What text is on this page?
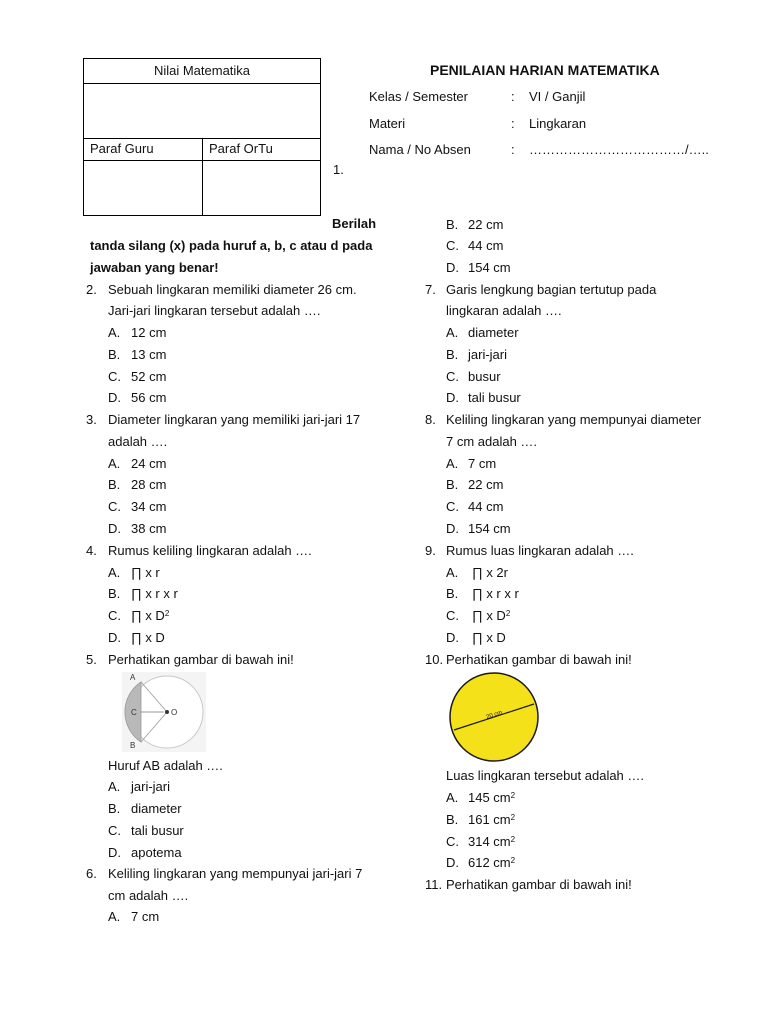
Nilai Matematika
Paraf Guru	Paraf OrTu
PENILAIAN HARIAN MATEMATIKA
Kelas / Semester	: VI / Ganjil
Materi	: Lingkaran
Nama / No Absen	: ………………………………/…..
1.
Berilah
tanda silang (x) pada huruf a, b, c atau d pada
jawaban yang benar!
2. Sebuah lingkaran memiliki diameter 26 cm.
Jari-jari lingkaran tersebut adalah ….
A. 12 cm
B. 13 cm
C. 52 cm
D. 56 cm
3. Diameter lingkaran yang memiliki jari-jari 17
adalah ….
A. 24 cm
B. 28 cm
C. 34 cm
D. 38 cm
4. Rumus keliling lingkaran adalah ….
A. ∏ x r
B. ∏ x r x r
C. ∏ x $D^2$
D. ∏ x D
5. Perhatikan gambar di bawah ini!
A
B
C	O
Huruf AB adalah ….
A. jari-jari
B. diameter
C. tali busur
D. apotema
6. Keliling lingkaran yang mempunyai jari-jari 7
cm adalah ….
A. 7 cm
B. 22 cm
C. 44 cm
D. 154 cm
7. Garis lengkung bagian tertutup pada
lingkaran adalah ….
A. diameter
B. jari-jari
C. busur
D. tali busur
8. Keliling lingkaran yang mempunyai diameter
7 cm adalah ….
A. 7 cm
B. 22 cm
C. 44 cm
D. 154 cm
9. Rumus luas lingkaran adalah ….
A. ∏ x 2r
B. ∏ x r x r
C. ∏ x $D^2$
D. ∏ x D
10. Perhatikan gambar di bawah ini!
20 cm
Luas lingkaran tersebut adalah ….
A. 145 $cm^2$
B. 161 $cm^2$
C. 314 $cm^2$
D. 612 $cm^2$
11. Perhatikan gambar di bawah ini!
